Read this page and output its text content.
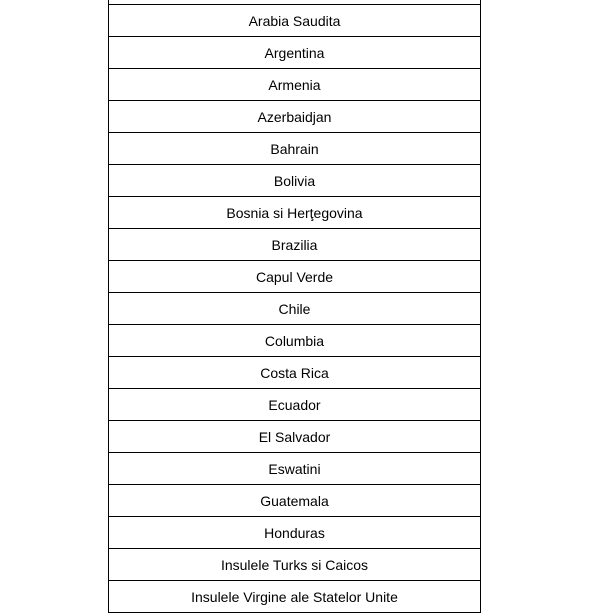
Arabia Saudita
Argentina
Armenia
Azerbaidjan
Bahrain
Bolivia
Bosnia si Herţegovina
Brazilia
Capul Verde
Chile
Columbia
Costa Rica
Ecuador
El Salvador
Eswatini
Guatemala
Honduras
Insulele Turks si Caicos
Insulele Virgine ale Statelor Unite
